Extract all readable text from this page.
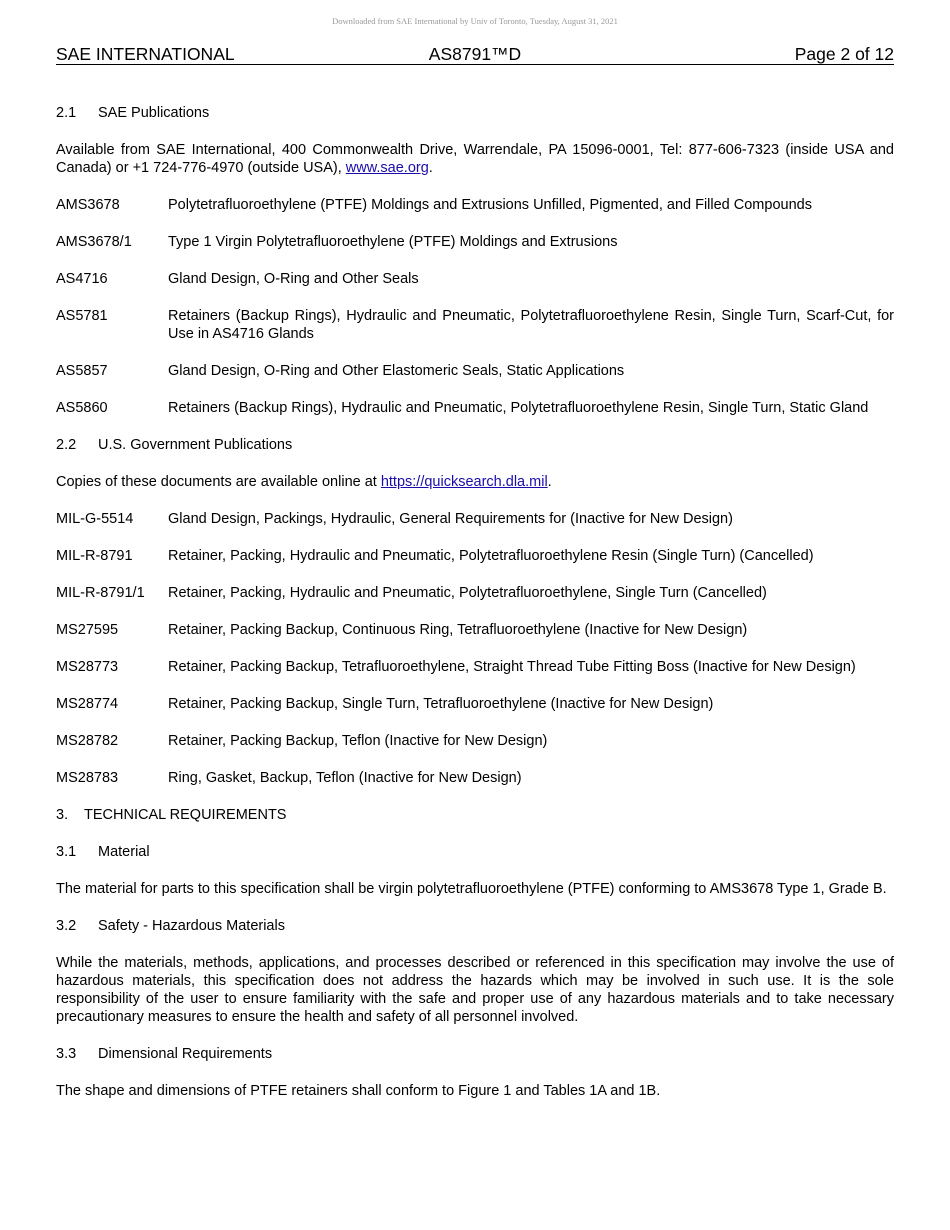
Downloaded from SAE International by Univ of Toronto, Tuesday, August 31, 2021
SAE INTERNATIONAL	AS8791™D	Page 2 of 12
2.1	SAE Publications
Available from SAE International, 400 Commonwealth Drive, Warrendale, PA 15096-0001, Tel: 877-606-7323 (inside USA and Canada) or +1 724-776-4970 (outside USA), www.sae.org.
AMS3678	Polytetrafluoroethylene (PTFE) Moldings and Extrusions Unfilled, Pigmented, and Filled Compounds
AMS3678/1	Type 1 Virgin Polytetrafluoroethylene (PTFE) Moldings and Extrusions
AS4716	Gland Design, O-Ring and Other Seals
AS5781	Retainers (Backup Rings), Hydraulic and Pneumatic, Polytetrafluoroethylene Resin, Single Turn, Scarf-Cut, for Use in AS4716 Glands
AS5857	Gland Design, O-Ring and Other Elastomeric Seals, Static Applications
AS5860	Retainers (Backup Rings), Hydraulic and Pneumatic, Polytetrafluoroethylene Resin, Single Turn, Static Gland
2.2	U.S. Government Publications
Copies of these documents are available online at https://quicksearch.dla.mil.
MIL-G-5514	Gland Design, Packings, Hydraulic, General Requirements for (Inactive for New Design)
MIL-R-8791	Retainer, Packing, Hydraulic and Pneumatic, Polytetrafluoroethylene Resin (Single Turn) (Cancelled)
MIL-R-8791/1	Retainer, Packing, Hydraulic and Pneumatic, Polytetrafluoroethylene, Single Turn (Cancelled)
MS27595	Retainer, Packing Backup, Continuous Ring, Tetrafluoroethylene (Inactive for New Design)
MS28773	Retainer, Packing Backup, Tetrafluoroethylene, Straight Thread Tube Fitting Boss (Inactive for New Design)
MS28774	Retainer, Packing Backup, Single Turn, Tetrafluoroethylene (Inactive for New Design)
MS28782	Retainer, Packing Backup, Teflon (Inactive for New Design)
MS28783	Ring, Gasket, Backup, Teflon (Inactive for New Design)
3.	TECHNICAL REQUIREMENTS
3.1	Material
The material for parts to this specification shall be virgin polytetrafluoroethylene (PTFE) conforming to AMS3678 Type 1, Grade B.
3.2	Safety - Hazardous Materials
While the materials, methods, applications, and processes described or referenced in this specification may involve the use of hazardous materials, this specification does not address the hazards which may be involved in such use. It is the sole responsibility of the user to ensure familiarity with the safe and proper use of any hazardous materials and to take necessary precautionary measures to ensure the health and safety of all personnel involved.
3.3	Dimensional Requirements
The shape and dimensions of PTFE retainers shall conform to Figure 1 and Tables 1A and 1B.
